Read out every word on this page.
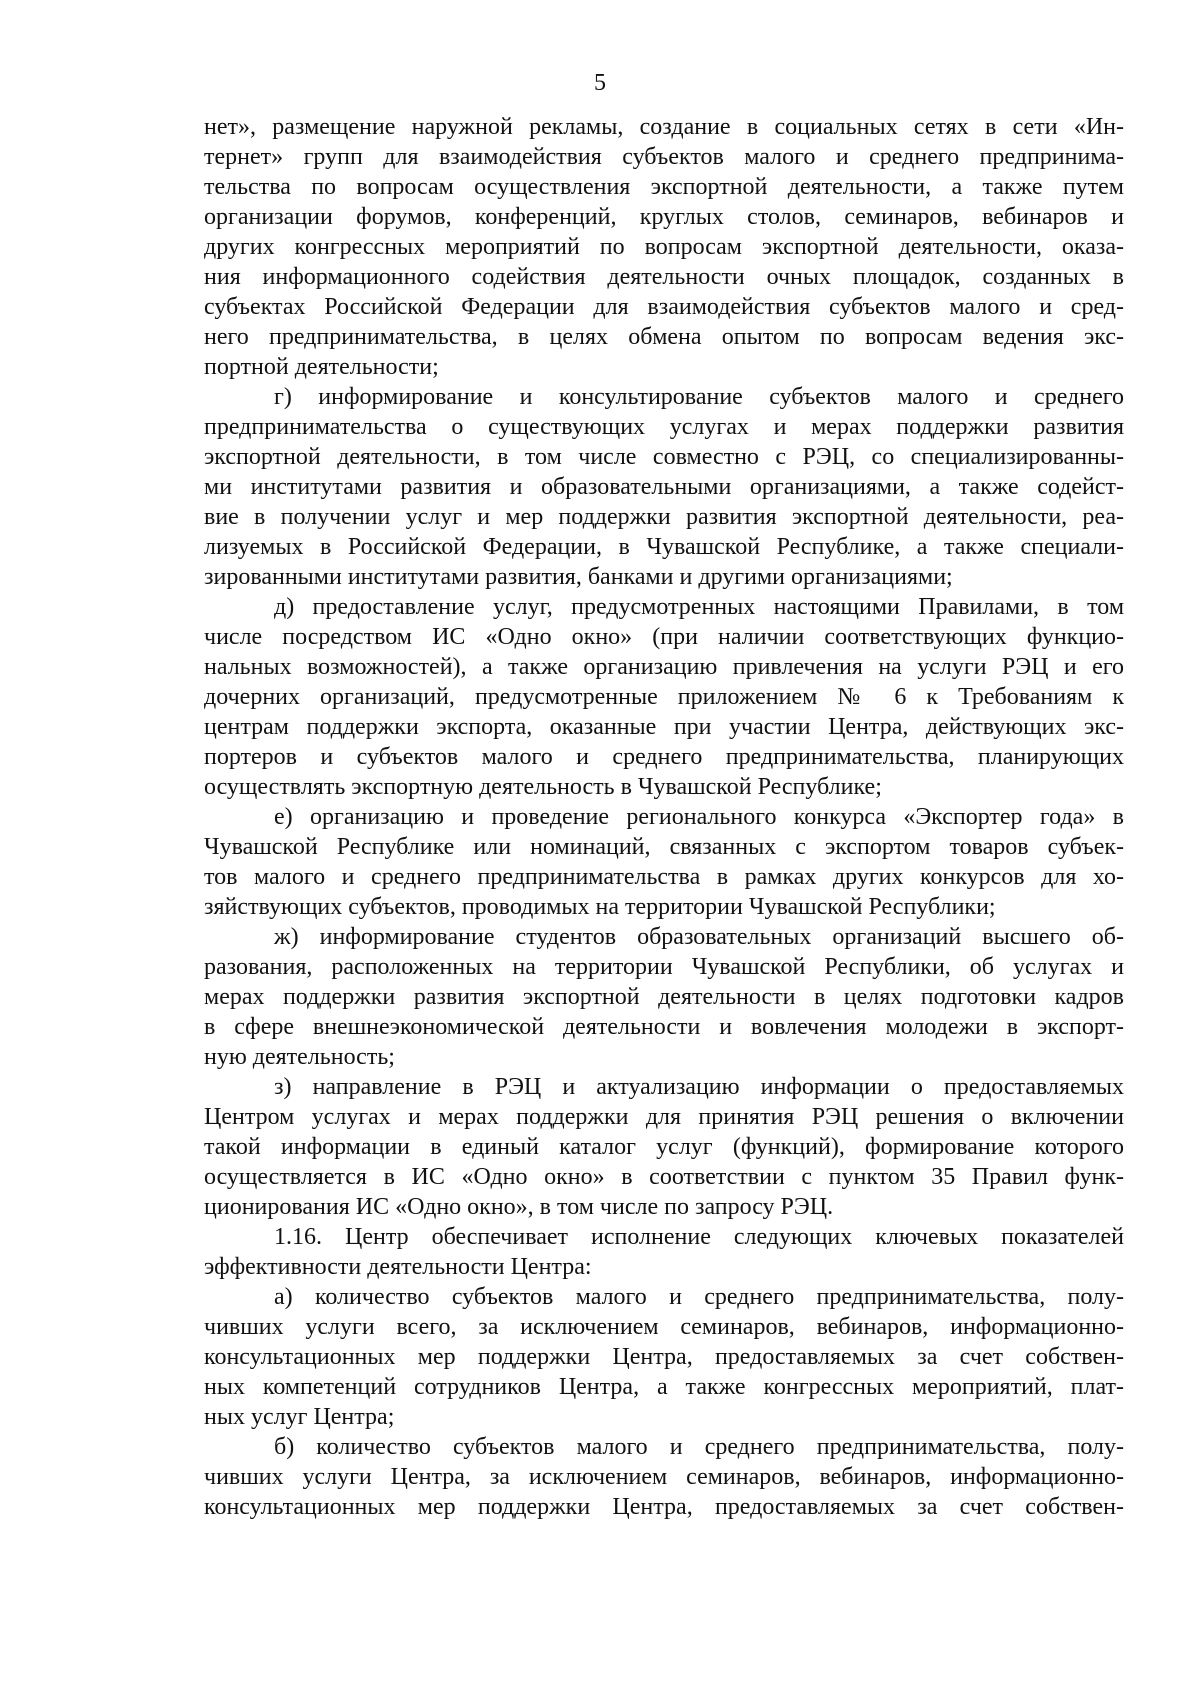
5
нет», размещение наружной рекламы, создание в социальных сетях в сети «Ин-
тернет» групп для взаимодействия субъектов малого и среднего предпринима-
тельства по вопросам осуществления экспортной деятельности, а также путем
организации форумов, конференций, круглых столов, семинаров, вебинаров и
других конгрессных мероприятий по вопросам экспортной деятельности, оказа-
ния информационного содействия деятельности очных площадок, созданных в
субъектах Российской Федерации для взаимодействия субъектов малого и сред-
него предпринимательства, в целях обмена опытом по вопросам ведения экс-
портной деятельности;
г) информирование и консультирование субъектов малого и среднего
предпринимательства о существующих услугах и мерах поддержки развития
экспортной деятельности, в том числе совместно с РЭЦ, со специализированны-
ми институтами развития и образовательными организациями, а также содейст-
вие в получении услуг и мер поддержки развития экспортной деятельности, реа-
лизуемых в Российской Федерации, в Чувашской Республике, а также специали-
зированными институтами развития, банками и другими организациями;
д) предоставление услуг, предусмотренных настоящими Правилами, в том
числе посредством ИС «Одно окно» (при наличии соответствующих функцио-
нальных возможностей), а также организацию привлечения на услуги РЭЦ и его
дочерних организаций, предусмотренные приложением № 6 к Требованиям к
центрам поддержки экспорта, оказанные при участии Центра, действующих экс-
портеров и субъектов малого и среднего предпринимательства, планирующих
осуществлять экспортную деятельность в Чувашской Республике;
е) организацию и проведение регионального конкурса «Экспортер года» в
Чувашской Республике или номинаций, связанных с экспортом товаров субъек-
тов малого и среднего предпринимательства в рамках других конкурсов для хо-
зяйствующих субъектов, проводимых на территории Чувашской Республики;
ж) информирование студентов образовательных организаций высшего об-
разования, расположенных на территории Чувашской Республики, об услугах и
мерах поддержки развития экспортной деятельности в целях подготовки кадров
в сфере внешнеэкономической деятельности и вовлечения молодежи в экспорт-
ную деятельность;
з) направление в РЭЦ и актуализацию информации о предоставляемых
Центром услугах и мерах поддержки для принятия РЭЦ решения о включении
такой информации в единый каталог услуг (функций), формирование которого
осуществляется в ИС «Одно окно» в соответствии с пунктом 35 Правил функ-
ционирования ИС «Одно окно», в том числе по запросу РЭЦ.
1.16. Центр обеспечивает исполнение следующих ключевых показателей
эффективности деятельности Центра:
а) количество субъектов малого и среднего предпринимательства, полу-
чивших услуги всего, за исключением семинаров, вебинаров, информационно-
консультационных мер поддержки Центра, предоставляемых за счет собствен-
ных компетенций сотрудников Центра, а также конгрессных мероприятий, плат-
ных услуг Центра;
б) количество субъектов малого и среднего предпринимательства, полу-
чивших услуги Центра, за исключением семинаров, вебинаров, информационно-
консультационных мер поддержки Центра, предоставляемых за счет собствен-
